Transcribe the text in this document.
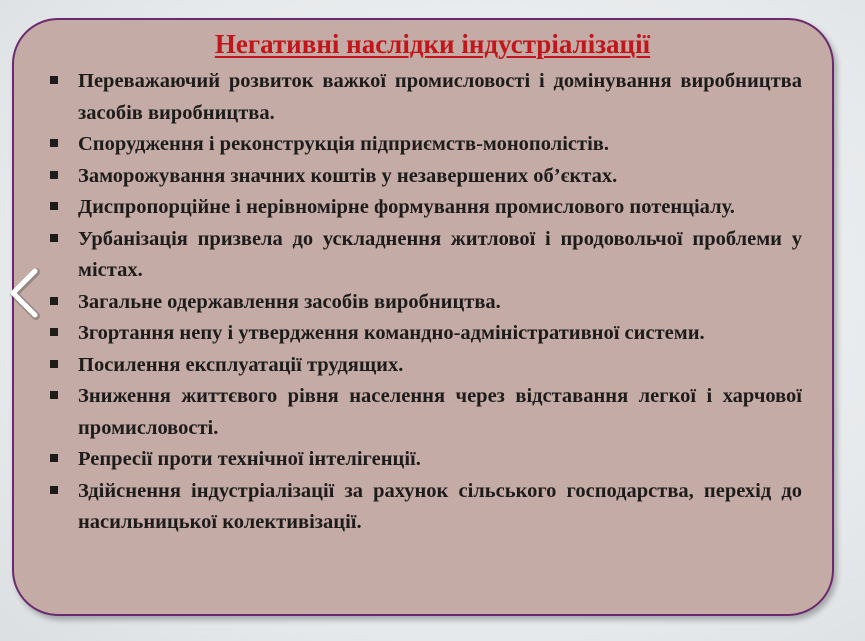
Негативні наслідки індустріалізації
Переважаючий розвиток важкої промисловості і домінування виробництва засобів виробництва.
Спорудження і реконструкція підприємств-монополістів.
Заморожування значних коштів у незавершених об’єктах.
Диспропорційне і нерівномірне формування промислового потенціалу.
Урбанізація призвела до ускладнення житлової і продовольчої проблеми у містах.
Загальне одержавлення засобів виробництва.
Згортання непу і утвердження командно-адміністративної системи.
Посилення експлуатації трудящих.
Зниження життєвого рівня населення через відставання легкої і харчової промисловості.
Репресії проти технічної інтелігенції.
Здійснення індустріалізації за рахунок сільського господарства, перехід до насильницької колективізації.
